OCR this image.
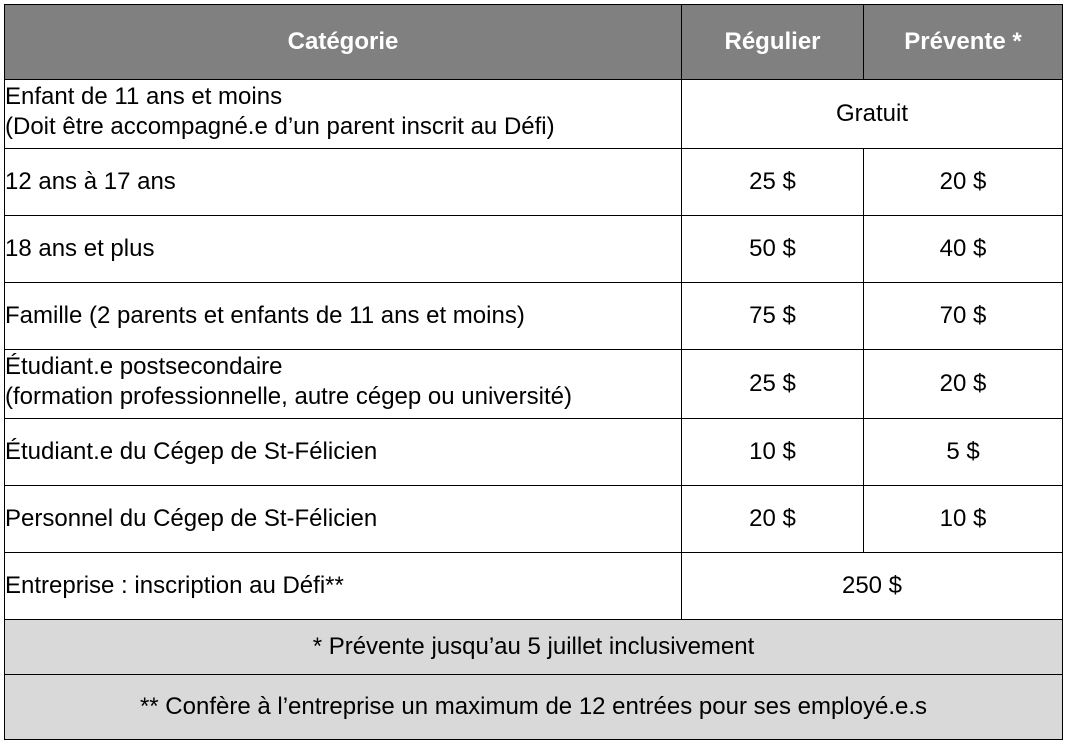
Catégorie	Régulier	Prévente *

Enfant de 11 ans et moins
(Doit être accompagné.e d’un parent inscrit au Défi)	Gratuit	
12 ans à 17 ans	25 $	20 $
18 ans et plus	50 $	40 $
Famille (2 parents et enfants de 11 ans et moins)	75 $	70 $

Étudiant.e postsecondaire
(formation professionnelle, autre cégep ou université)	25 $	20 $
Étudiant.e du Cégep de St-Félicien	10 $	5 $
Personnel du Cégep de St-Félicien	20 $	10 $
Entreprise : inscription au Défi**	250 $	
* Prévente jusqu’au 5 juillet inclusivement		
** Confère à l’entreprise un maximum de 12 entrées pour ses employé.e.s		
